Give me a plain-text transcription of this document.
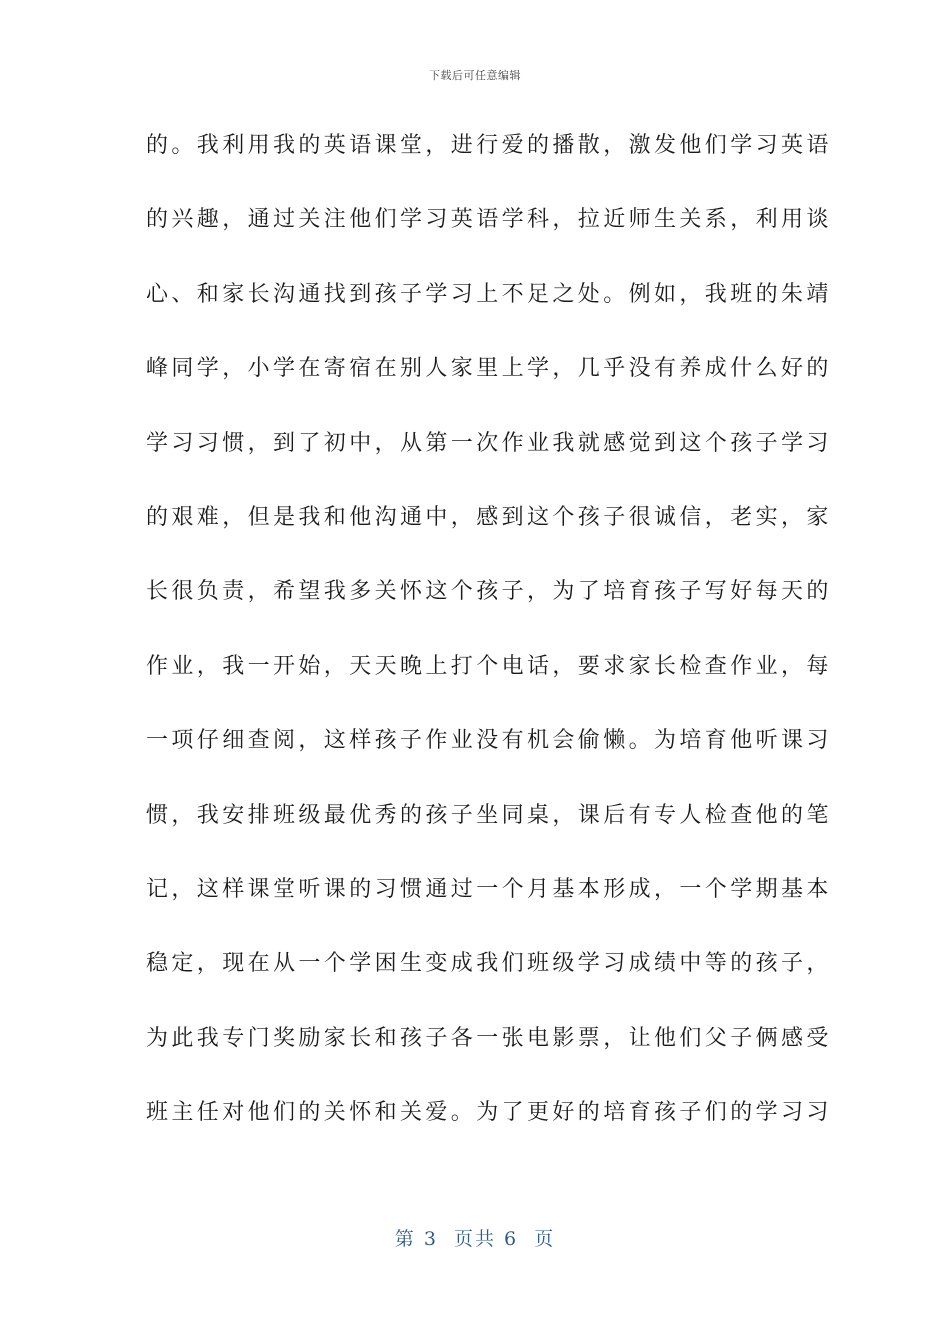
下载后可任意编辑
的。我利用我的英语课堂，进行爱的播散，激发他们学习英语
的兴趣，通过关注他们学习英语学科，拉近师生关系，利用谈
心、和家长沟通找到孩子学习上不足之处。例如，我班的朱靖
峰同学，小学在寄宿在别人家里上学，几乎没有养成什么好的
学习习惯，到了初中，从第一次作业我就感觉到这个孩子学习
的艰难，但是我和他沟通中，感到这个孩子很诚信，老实，家
长很负责，希望我多关怀这个孩子，为了培育孩子写好每天的
作业，我一开始，天天晚上打个电话，要求家长检查作业，每
一项仔细查阅，这样孩子作业没有机会偷懒。为培育他听课习
惯，我安排班级最优秀的孩子坐同桌，课后有专人检查他的笔
记，这样课堂听课的习惯通过一个月基本形成，一个学期基本
稳定，现在从一个学困生变成我们班级学习成绩中等的孩子，
为此我专门奖励家长和孩子各一张电影票，让他们父子俩感受
班主任对他们的关怀和关爱。为了更好的培育孩子们的学习习
第 3  页共 6  页
